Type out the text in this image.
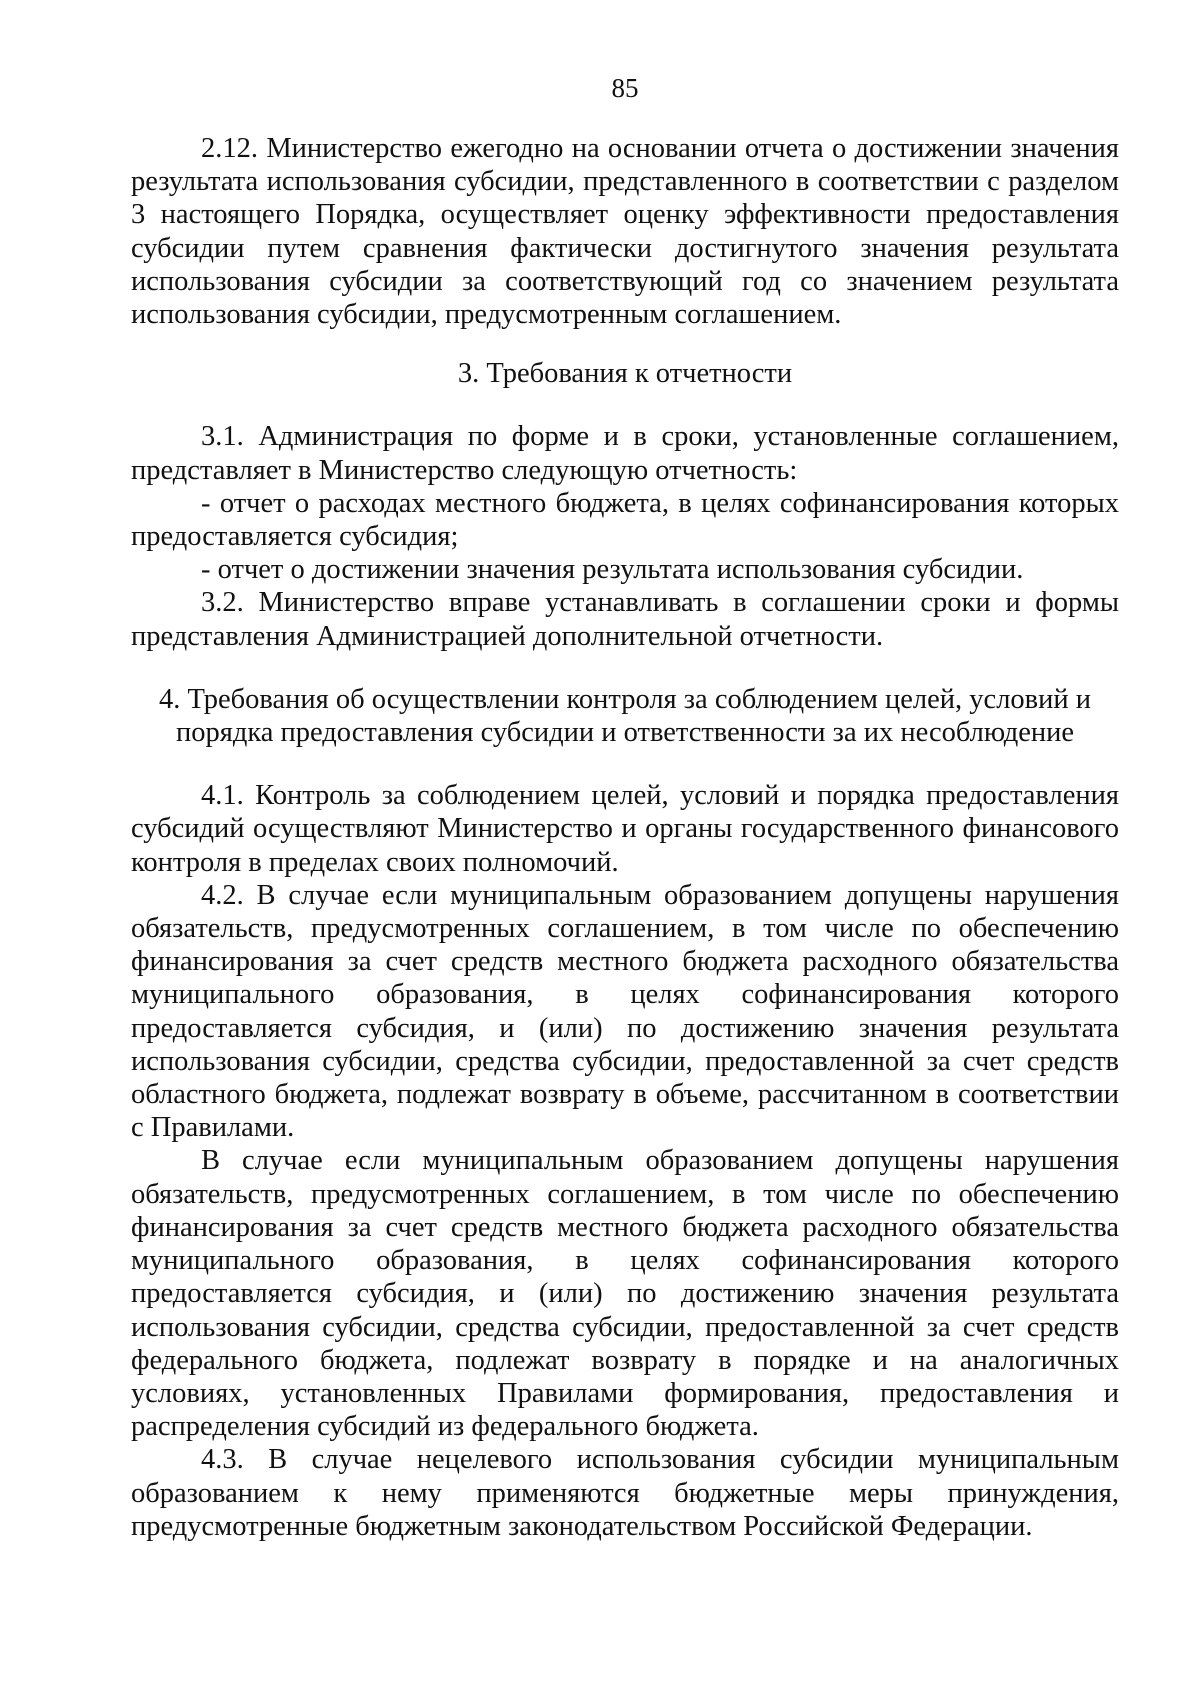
85

2.12. Министерство ежегодно на основании отчета о достижении значения результата использования субсидии, представленного в соответствии с разделом 3 настоящего Порядка, осуществляет оценку эффективности предоставления субсидии путем сравнения фактически достигнутого значения результата использования субсидии за соответствующий год со значением результата использования субсидии, предусмотренным соглашением.

3. Требования к отчетности

3.1. Администрация по форме и в сроки, установленные соглашением, представляет в Министерство следующую отчетность:

- отчет о расходах местного бюджета, в целях софинансирования которых предоставляется субсидия;

- отчет о достижении значения результата использования субсидии.

3.2. Министерство вправе устанавливать в соглашении сроки и формы представления Администрацией дополнительной отчетности.

4. Требования об осуществлении контроля за соблюдением целей, условий и

порядка предоставления субсидии и ответственности за их несоблюдение

4.1. Контроль за соблюдением целей, условий и порядка предоставления субсидий осуществляют Министерство и органы государственного финансового контроля в пределах своих полномочий.

4.2. В случае если муниципальным образованием допущены нарушения обязательств, предусмотренных соглашением, в том числе по обеспечению финансирования за счет средств местного бюджета расходного обязательства муниципального образования, в целях софинансирования которого предоставляется субсидия, и (или) по достижению значения результата использования субсидии, средства субсидии, предоставленной за счет средств областного бюджета, подлежат возврату в объеме, рассчитанном в соответствии с Правилами.

В случае если муниципальным образованием допущены нарушения обязательств, предусмотренных соглашением, в том числе по обеспечению финансирования за счет средств местного бюджета расходного обязательства муниципального образования, в целях софинансирования которого предоставляется субсидия, и (или) по достижению значения результата использования субсидии, средства субсидии, предоставленной за счет средств федерального бюджета, подлежат возврату в порядке и на аналогичных условиях, установленных Правилами формирования, предоставления и распределения субсидий из федерального бюджета.

4.3. В случае нецелевого использования субсидии муниципальным образованием к нему применяются бюджетные меры принуждения, предусмотренные бюджетным законодательством Российской Федерации.
